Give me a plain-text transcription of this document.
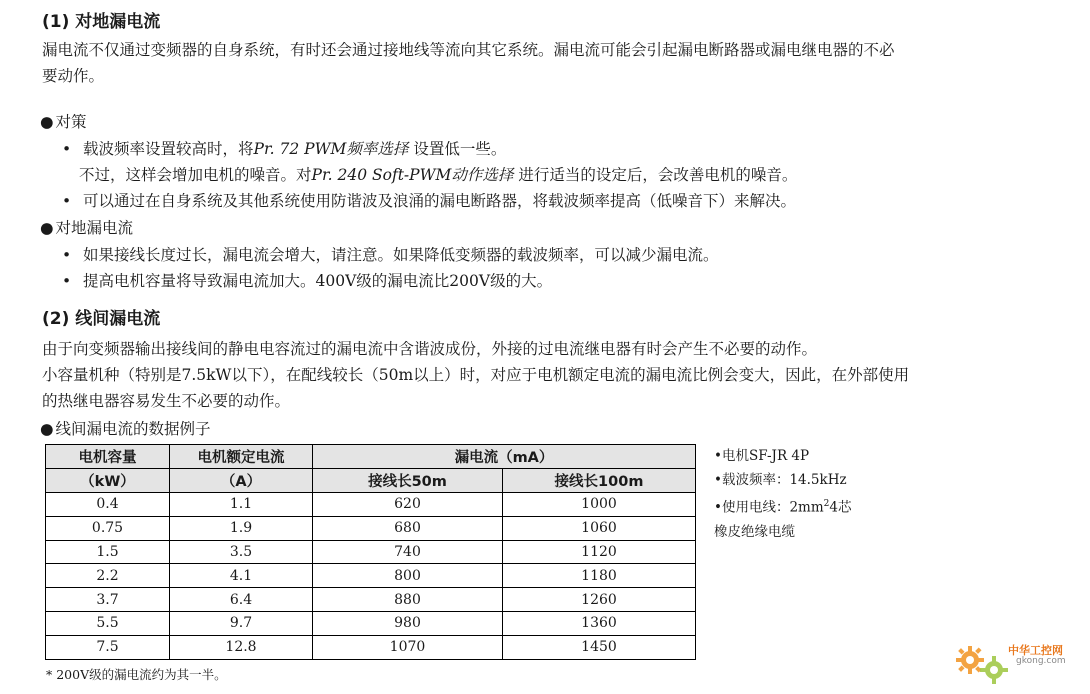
(1) 对地漏电流
漏电流不仅通过变频器的自身系统，有时还会通过接地线等流向其它系统。漏电流可能会引起漏电断路器或漏电继电器的不必
要动作。
● 对策
• 载波频率设置较高时，将Pr. 72 PWM频率选择 设置低一些。
不过，这样会增加电机的噪音。对Pr. 240 Soft-PWM动作选择 进行适当的设定后，会改善电机的噪音。
• 可以通过在自身系统及其他系统使用防谐波及浪涌的漏电断路器，将载波频率提高（低噪音下）来解决。
● 对地漏电流
• 如果接线长度过长，漏电流会增大，请注意。如果降低变频器的载波频率，可以减少漏电流。
• 提高电机容量将导致漏电流加大。400V级的漏电流比200V级的大。
(2) 线间漏电流
由于向变频器输出接线间的静电电容流过的漏电流中含谐波成份，外接的过电流继电器有时会产生不必要的动作。
小容量机种（特别是7.5kW以下），在配线较长（50m以上）时，对应于电机额定电流的漏电流比例会变大，因此，在外部使用
的热继电器容易发生不必要的动作。
● 线间漏电流的数据例子
电机容量	电机额定电流	漏电流（mA）	
（kW）	（A）	接线长50m	接线长100m
0.4	1.1	620	1000
0.75	1.9	680	1060
1.5	3.5	740	1120
2.2	4.1	800	1180
3.7	6.4	880	1260
5.5	9.7	980	1360
7.5	12.8	1070	1450
•电机SF-JR 4P
•载波频率：14.5kHz
•使用电线：$2mm^24$芯
橡皮绝缘电缆
* 200V级的漏电流约为其一半。
中华工控网
gkong.com
